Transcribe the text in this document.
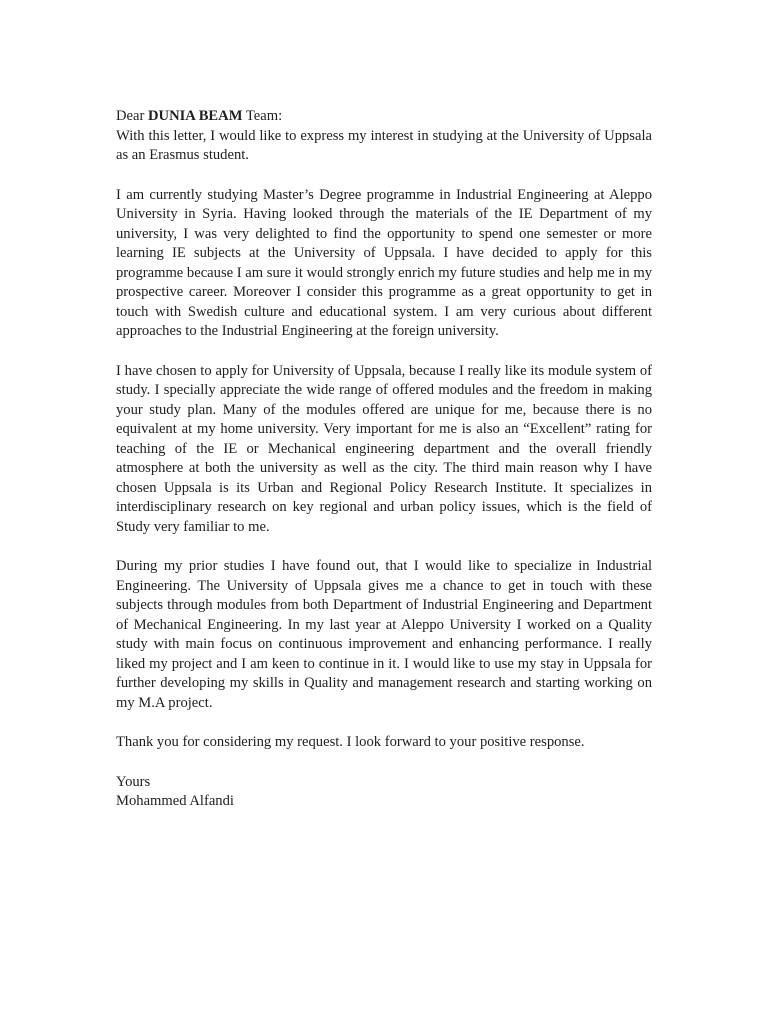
Dear DUNIA BEAM Team:

With this letter, I would like to express my interest in studying at the University of Uppsala as an Erasmus student.

I am currently studying Master’s Degree programme in Industrial Engineering at Aleppo University in Syria. Having looked through the materials of the IE Department of my university, I was very delighted to find the opportunity to spend one semester or more learning IE subjects at the University of Uppsala. I have decided to apply for this programme because I am sure it would strongly enrich my future studies and help me in my prospective career. Moreover I consider this programme as a great opportunity to get in touch with Swedish culture and educational system. I am very curious about different approaches to the Industrial Engineering at the foreign university.

I have chosen to apply for University of Uppsala, because I really like its module system of study. I specially appreciate the wide range of offered modules and the freedom in making your study plan. Many of the modules offered are unique for me, because there is no equivalent at my home university. Very important for me is also an “Excellent” rating for teaching of the IE or Mechanical engineering department and the overall friendly atmosphere at both the university as well as the city. The third main reason why I have chosen Uppsala is its Urban and Regional Policy Research Institute. It specializes in interdisciplinary research on key regional and urban policy issues, which is the field of Study very familiar to me.

During my prior studies I have found out, that I would like to specialize in Industrial Engineering. The University of Uppsala gives me a chance to get in touch with these subjects through modules from both Department of Industrial Engineering and Department of Mechanical Engineering. In my last year at Aleppo University I worked on a Quality study with main focus on continuous improvement and enhancing performance. I really liked my project and I am keen to continue in it. I would like to use my stay in Uppsala for further developing my skills in Quality and management research and starting working on my M.A project.

Thank you for considering my request. I look forward to your positive response.

Yours

Mohammed Alfandi
